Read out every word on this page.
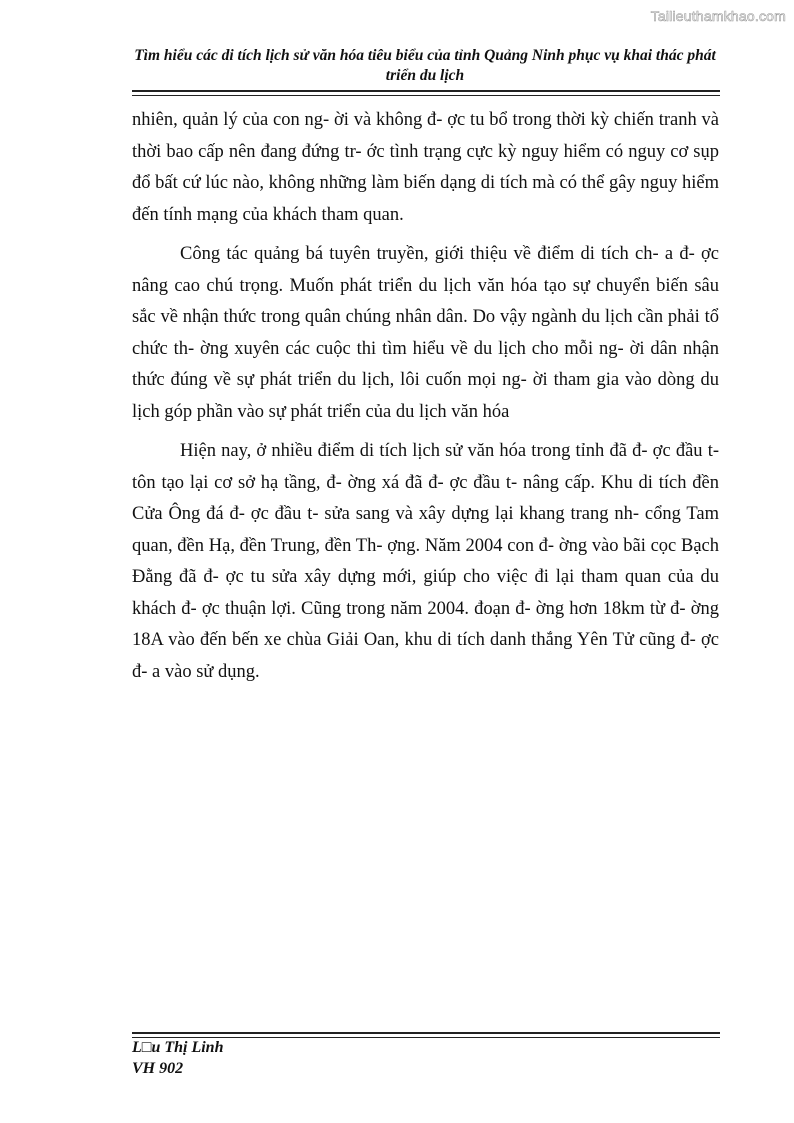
Tailieuthamkhao.com
Tìm hiểu các di tích lịch sử văn hóa tiêu biểu của tỉnh Quảng Ninh phục vụ khai thác phát triển du lịch

nhiên, quản lý của con ng- ời và không đ- ợc tu bổ trong thời kỳ chiến tranh và thời bao cấp nên đang đứng tr- ớc tình trạng cực kỳ nguy hiểm có nguy cơ sụp đổ bất cứ lúc nào, không những làm biến dạng di tích mà có thể gây nguy hiểm đến tính mạng của khách tham quan.

Công tác quảng bá tuyên truyền, giới thiệu về điểm di tích ch- a đ- ợc nâng cao chú trọng. Muốn phát triển du lịch văn hóa tạo sự chuyển biến sâu sắc về nhận thức trong quân chúng nhân dân. Do vậy ngành du lịch cần phải tổ chức th- ờng xuyên các cuộc thi tìm hiểu về du lịch cho mỗi ng- ời dân nhận thức đúng về sự phát triển du lịch, lôi cuốn mọi ng- ời tham gia vào dòng du lịch góp phần vào sự phát triển của du lịch văn hóa

Hiện nay, ở nhiều điểm di tích lịch sử văn hóa trong tỉnh đã đ- ợc đầu t- tôn tạo lại cơ sở hạ tầng, đ- ờng xá đã đ- ợc đầu t- nâng cấp. Khu di tích đền Cửa Ông đá đ- ợc đầu t- sửa sang và xây dựng lại khang trang nh- cổng Tam quan, đền Hạ, đền Trung, đền Th- ợng. Năm 2004 con đ- ờng vào bãi cọc Bạch Đằng đã đ- ợc tu sửa xây dựng mới, giúp cho việc đi lại tham quan của du khách đ- ợc thuận lợi. Cũng trong năm 2004. đoạn đ- ờng hơn 18km từ đ- ờng 18A vào đến bến xe chùa Giải Oan, khu di tích danh thắng Yên Tử cũng đ- ợc đ- a vào sử dụng.

L□u Thị Linh
VH 902
